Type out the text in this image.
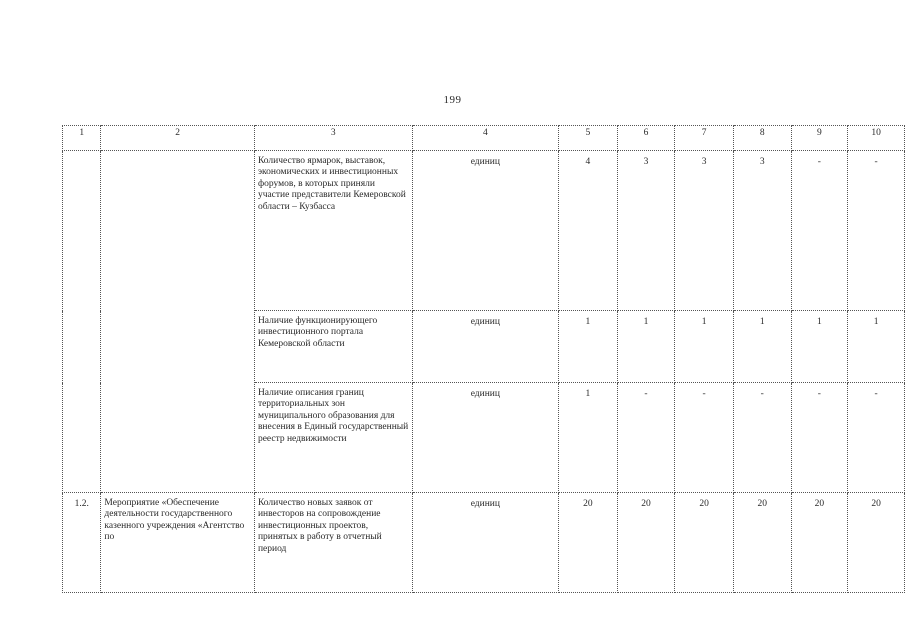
199
1	2	3	4	5	6	7	8	9	10
		Количество ярмарок, выставок, экономических и инвестиционных форумов, в которых приняли участие представители Кемеровской области – Кузбасса	единиц	4	3	3	3	-	-
		Наличие функционирующего инвестиционного портала Кемеровской области	единиц	1	1	1	1	1	1
		Наличие описания границ территориальных зон муниципального образования для внесения в Единый государственный реестр недвижимости	единиц	1	-	-	-	-	-
1.2.	Мероприятие «Обеспечение деятельности государственного казенного учреждения «Агентство по	Количество новых заявок от инвесторов на сопровождение инвестиционных проектов, принятых в работу в отчетный период	единиц	20	20	20	20	20	20
